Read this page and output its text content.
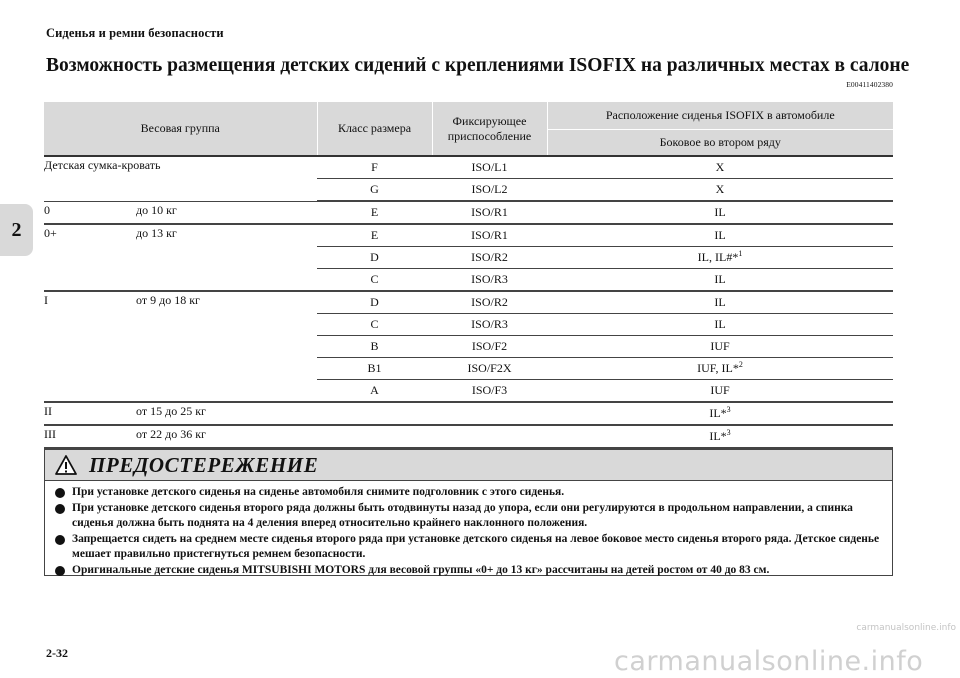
Сиденья и ремни безопасности
Возможность размещения детских сидений с креплениями ISOFIX на различных местах в салоне
E00411402380
2
Весовая группа	Класс размера	Фиксирующее приспособление	Расположение сиденья ISOFIX в автомобиле
			Боковое во втором ряду
Детская сумка-кровать	F	ISO/L1	X
	G	ISO/L2	X
0 до 10 кг	E	ISO/R1	IL
0+ до 13 кг	E	ISO/R1	IL
	D	ISO/R2	IL, IL#*$^1$
	C	ISO/R3	IL
I от 9 до 18 кг	D	ISO/R2	IL
	C	ISO/R3	IL
	B	ISO/F2	IUF
	B1	ISO/F2X	IUF, IL*$^2$
	A	ISO/F3	IUF
II от 15 до 25 кг			IL*$^3$
III от 22 до 36 кг			IL*$^3$
ПРЕДОСТЕРЕЖЕНИЕ
При установке детского сиденья на сиденье автомобиля снимите подголовник с этого сиденья.
При установке детского сиденья второго ряда должны быть отодвинуты назад до упора, если они регулируются в продольном направлении, а спинка сиденья должна быть поднята на 4 деления вперед относительно крайнего наклонного положения.
Запрещается сидеть на среднем месте сиденья второго ряда при установке детского сиденья на левое боковое место сиденья второго ряда. Детское сиденье мешает правильно пристегнуться ремнем безопасности.
Оригинальные детские сиденья MITSUBISHI MOTORS для весовой группы «0+ до 13 кг» рассчитаны на детей ростом от 40 до 83 см.
2-32
carmanualsonline.info
carmanualsonline.info
